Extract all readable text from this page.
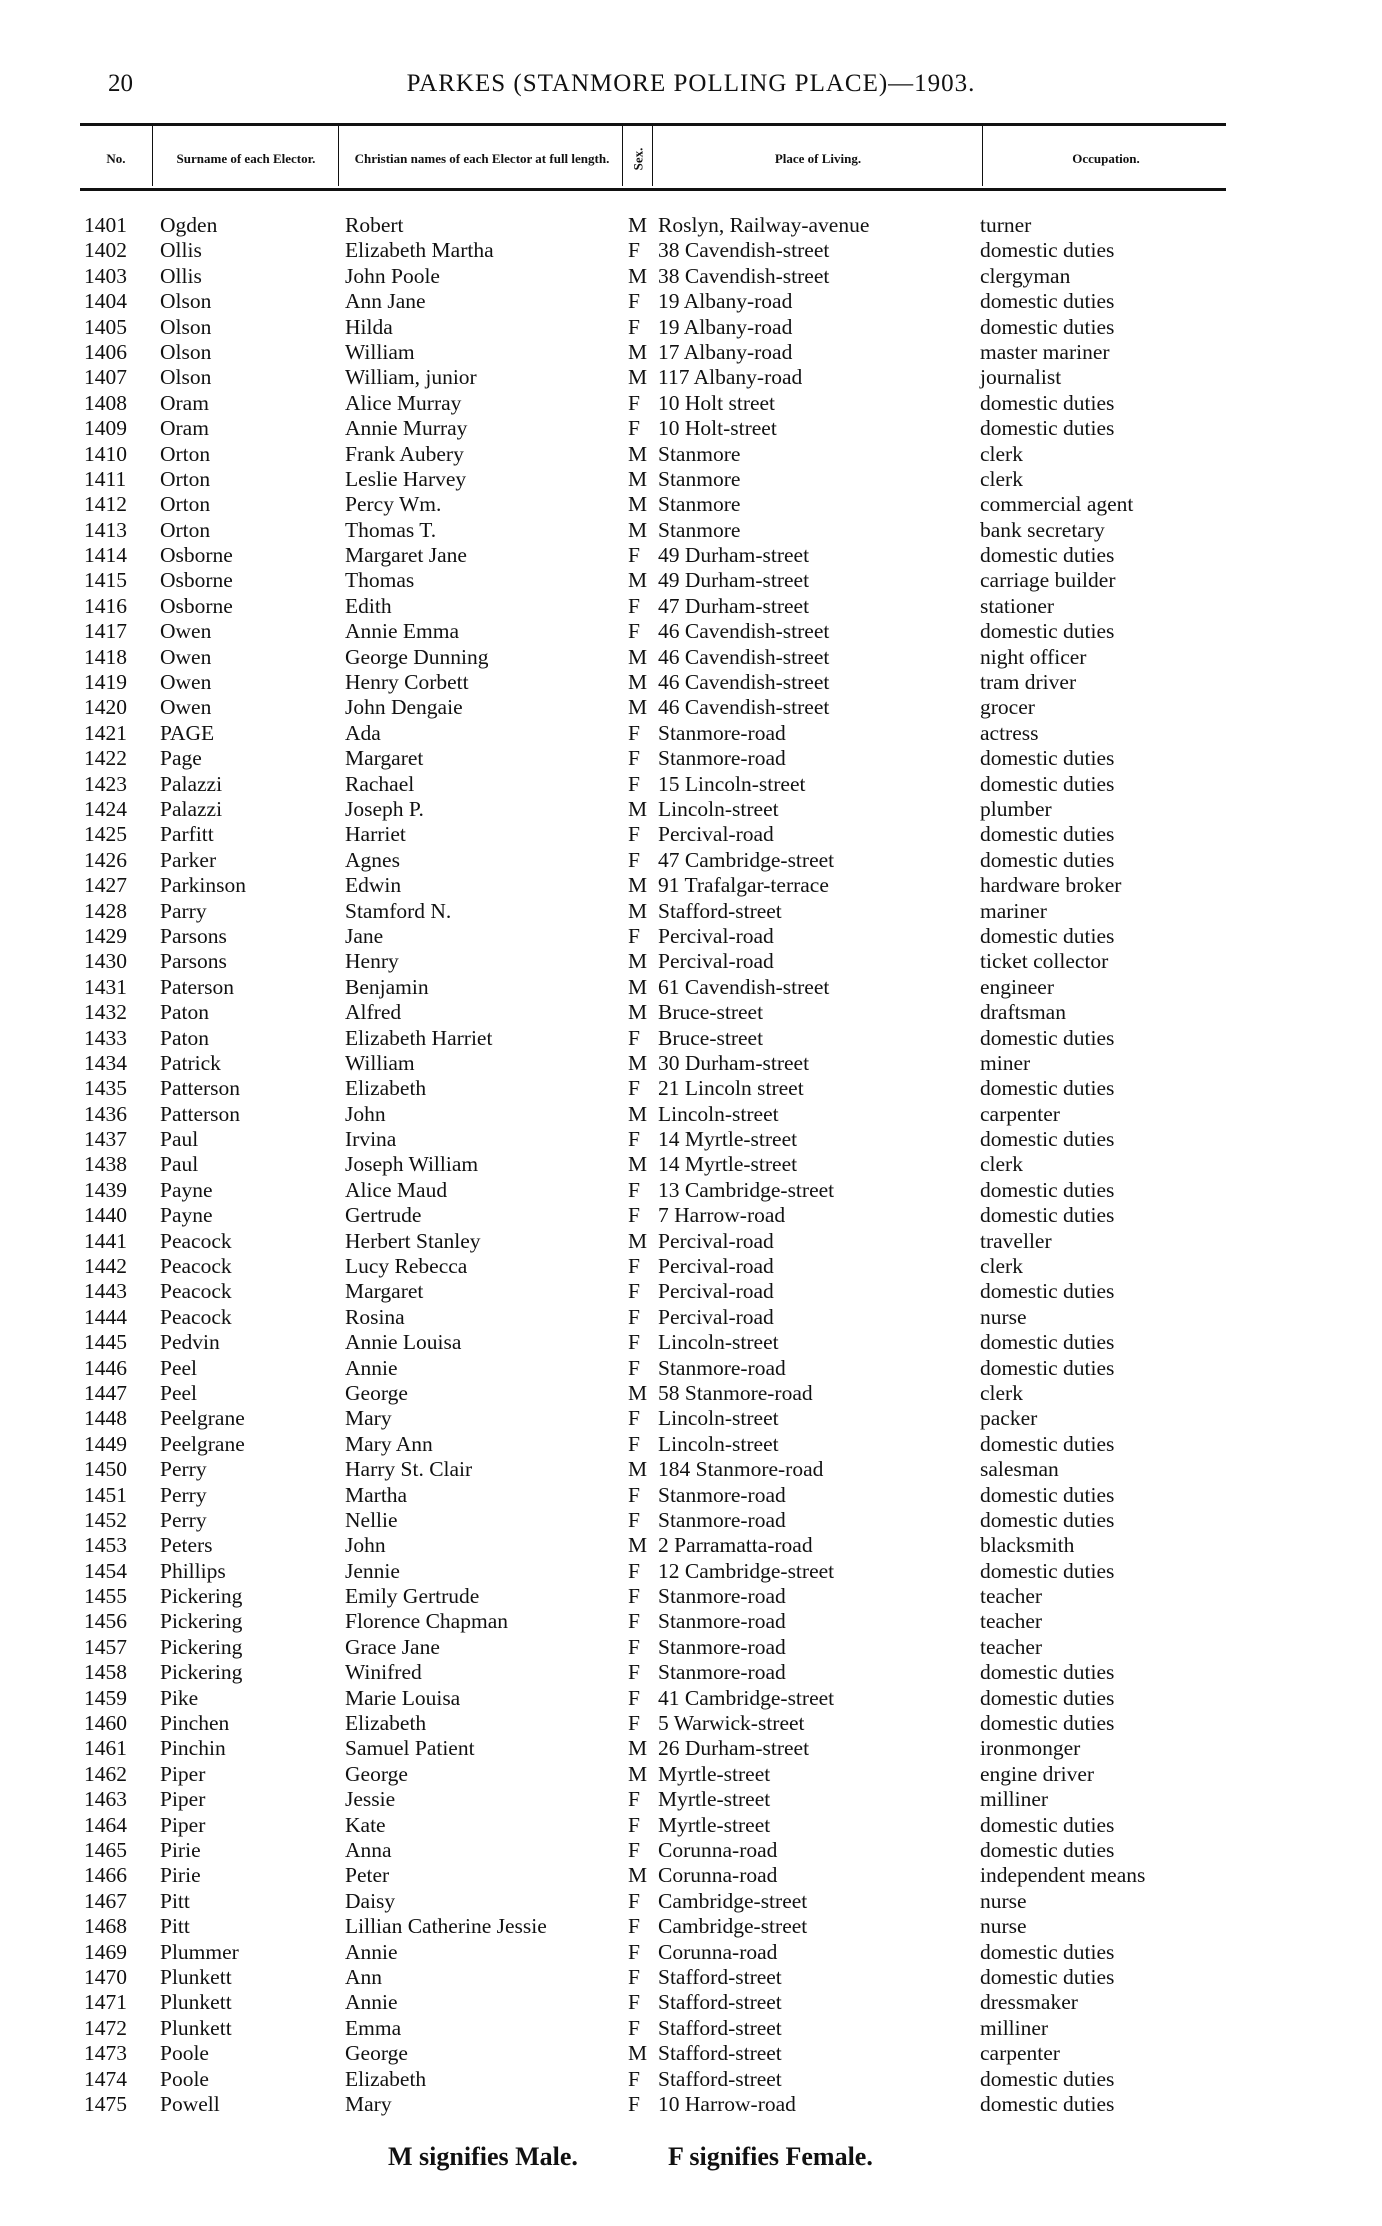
20	PARKES (STANMORE POLLING PLACE)—1903.
No.	Surname of each Elector.	Christian names of each Elector at full length.	Sex.	Place of Living.	Occupation.
1401 Ogden	Robert	M Roslyn, Railway-avenue	turner
1402 Ollis	Elizabeth Martha	F 38 Cavendish-street	domestic duties
1403 Ollis	John Poole	M 38 Cavendish-street	clergyman
1404 Olson	Ann Jane	F 19 Albany-road	domestic duties
1405 Olson	Hilda	F 19 Albany-road	domestic duties
1406 Olson	William	M 17 Albany-road	master mariner
1407 Olson	William, junior	M 117 Albany-road	journalist
1408 Oram	Alice Murray	F 10 Holt street	domestic duties
1409 Oram	Annie Murray	F 10 Holt-street	domestic duties
1410 Orton	Frank Aubery	M Stanmore	clerk
1411 Orton	Leslie Harvey	M Stanmore	clerk
1412 Orton	Percy Wm.	M Stanmore	commercial agent
1413 Orton	Thomas T.	M Stanmore	bank secretary
1414 Osborne	Margaret Jane	F 49 Durham-street	domestic duties
1415 Osborne	Thomas	M 49 Durham-street	carriage builder
1416 Osborne	Edith	F 47 Durham-street	stationer
1417 Owen	Annie Emma	F 46 Cavendish-street	domestic duties
1418 Owen	George Dunning	M 46 Cavendish-street	night officer
1419 Owen	Henry Corbett	M 46 Cavendish-street	tram driver
1420 Owen	John Dengaie	M 46 Cavendish-street	grocer
1421 PAGE	Ada	F Stanmore-road	actress
1422 Page	Margaret	F Stanmore-road	domestic duties
1423 Palazzi	Rachael	F 15 Lincoln-street	domestic duties
1424 Palazzi	Joseph P.	M Lincoln-street	plumber
1425 Parfitt	Harriet	F Percival-road	domestic duties
1426 Parker	Agnes	F 47 Cambridge-street	domestic duties
1427 Parkinson	Edwin	M 91 Trafalgar-terrace	hardware broker
1428 Parry	Stamford N.	M Stafford-street	mariner
1429 Parsons	Jane	F Percival-road	domestic duties
1430 Parsons	Henry	M Percival-road	ticket collector
1431 Paterson	Benjamin	M 61 Cavendish-street	engineer
1432 Paton	Alfred	M Bruce-street	draftsman
1433 Paton	Elizabeth Harriet	F Bruce-street	domestic duties
1434 Patrick	William	M 30 Durham-street	miner
1435 Patterson	Elizabeth	F 21 Lincoln street	domestic duties
1436 Patterson	John	M Lincoln-street	carpenter
1437 Paul	Irvina	F 14 Myrtle-street	domestic duties
1438 Paul	Joseph William	M 14 Myrtle-street	clerk
1439 Payne	Alice Maud	F 13 Cambridge-street	domestic duties
1440 Payne	Gertrude	F 7 Harrow-road	domestic duties
1441 Peacock	Herbert Stanley	M Percival-road	traveller
1442 Peacock	Lucy Rebecca	F Percival-road	clerk
1443 Peacock	Margaret	F Percival-road	domestic duties
1444 Peacock	Rosina	F Percival-road	nurse
1445 Pedvin	Annie Louisa	F Lincoln-street	domestic duties
1446 Peel	Annie	F Stanmore-road	domestic duties
1447 Peel	George	M 58 Stanmore-road	clerk
1448 Peelgrane	Mary	F Lincoln-street	packer
1449 Peelgrane	Mary Ann	F Lincoln-street	domestic duties
1450 Perry	Harry St. Clair	M 184 Stanmore-road	salesman
1451 Perry	Martha	F Stanmore-road	domestic duties
1452 Perry	Nellie	F Stanmore-road	domestic duties
1453 Peters	John	M 2 Parramatta-road	blacksmith
1454 Phillips	Jennie	F 12 Cambridge-street	domestic duties
1455 Pickering	Emily Gertrude	F Stanmore-road	teacher
1456 Pickering	Florence Chapman	F Stanmore-road	teacher
1457 Pickering	Grace Jane	F Stanmore-road	teacher
1458 Pickering	Winifred	F Stanmore-road	domestic duties
1459 Pike	Marie Louisa	F 41 Cambridge-street	domestic duties
1460 Pinchen	Elizabeth	F 5 Warwick-street	domestic duties
1461 Pinchin	Samuel Patient	M 26 Durham-street	ironmonger
1462 Piper	George	M Myrtle-street	engine driver
1463 Piper	Jessie	F Myrtle-street	milliner
1464 Piper	Kate	F Myrtle-street	domestic duties
1465 Pirie	Anna	F Corunna-road	domestic duties
1466 Pirie	Peter	M Corunna-road	independent means
1467 Pitt	Daisy	F Cambridge-street	nurse
1468 Pitt	Lillian Catherine Jessie	F Cambridge-street	nurse
1469 Plummer	Annie	F Corunna-road	domestic duties
1470 Plunkett	Ann	F Stafford-street	domestic duties
1471 Plunkett	Annie	F Stafford-street	dressmaker
1472 Plunkett	Emma	F Stafford-street	milliner
1473 Poole	George	M Stafford-street	carpenter
1474 Poole	Elizabeth	F Stafford-street	domestic duties
1475 Powell	Mary	F 10 Harrow-road	domestic duties
M signifies Male.	F signifies Female.
